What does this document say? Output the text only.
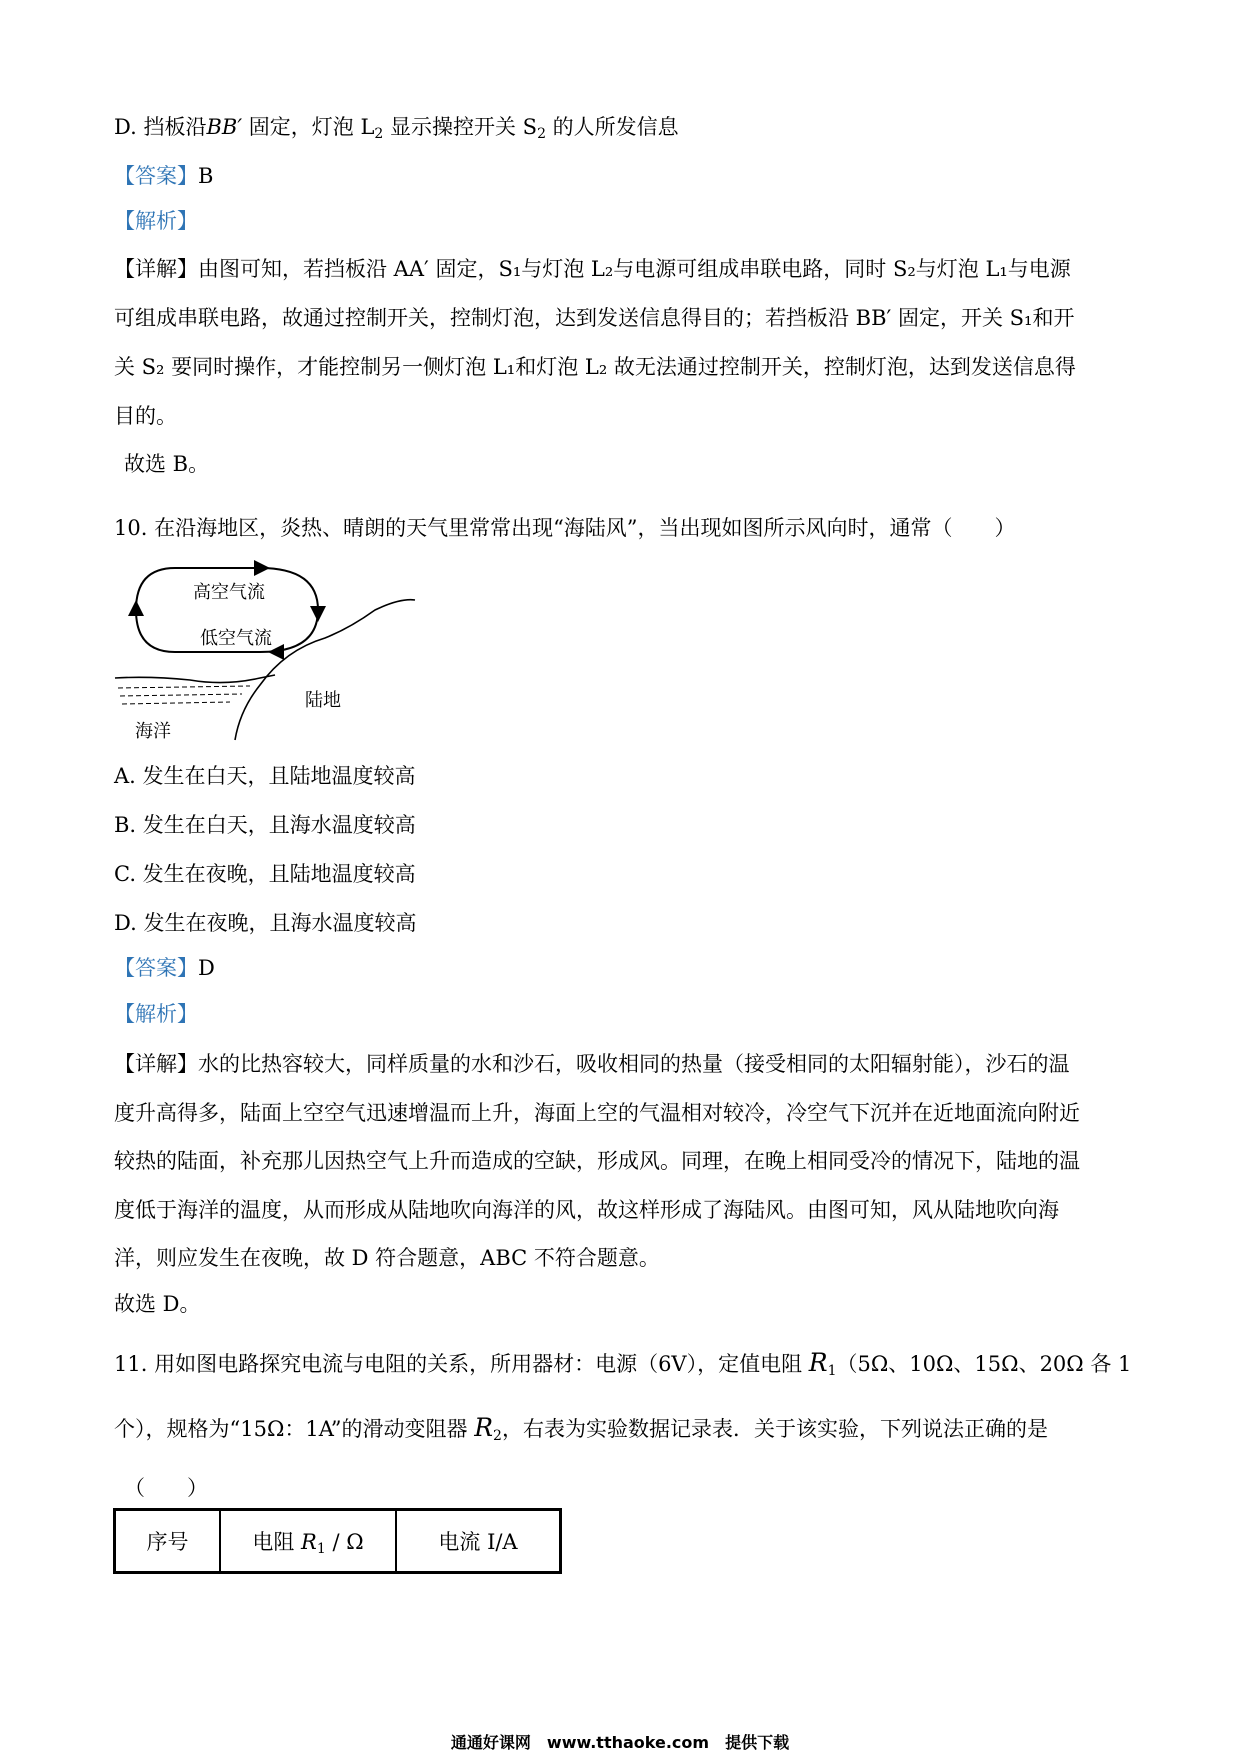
D. 挡板沿BB′ 固定，灯泡 $L_2$ 显示操控开关 $S_2$ 的人所发信息
【答案】B
【解析】
【详解】由图可知，若挡板沿 AA′ 固定，S₁与灯泡 L₂与电源可组成串联电路，同时 S₂与灯泡 L₁与电源
可组成串联电路，故通过控制开关，控制灯泡，达到发送信息得目的；若挡板沿 BB′ 固定，开关 S₁和开
关 S₂ 要同时操作，才能控制另一侧灯泡 L₁和灯泡 L₂ 故无法通过控制开关，控制灯泡，达到发送信息得
目的。
故选 B。
10. 在沿海地区，炎热、晴朗的天气里常常出现“海陆风”，当出现如图所示风向时，通常（　　）
高空气流
低空气流
陆地
海洋
A. 发生在白天，且陆地温度较高
B. 发生在白天，且海水温度较高
C. 发生在夜晚，且陆地温度较高
D. 发生在夜晚，且海水温度较高
【答案】D
【解析】
【详解】水的比热容较大，同样质量的水和沙石，吸收相同的热量（接受相同的太阳辐射能），沙石的温
度升高得多，陆面上空空气迅速增温而上升，海面上空的气温相对较冷，冷空气下沉并在近地面流向附近
较热的陆面，补充那儿因热空气上升而造成的空缺，形成风。同理，在晚上相同受冷的情况下，陆地的温
度低于海洋的温度，从而形成从陆地吹向海洋的风，故这样形成了海陆风。由图可知，风从陆地吹向海
洋，则应发生在夜晚，故 D 符合题意，ABC 不符合题意。
故选 D。
11. 用如图电路探究电流与电阻的关系，所用器材：电源（6V），定值电阻 $R_1(5\Omega$、10Ω、15Ω、20Ω 各 1
个），规格为“15Ω：1A”的滑动变阻器 $R_2$，右表为实验数据记录表．关于该实验，下列说法正确的是
（　　）
序号	电阻 $R_1$ / Ω	电流 I/A
通通好课网　www.tthaoke.com　提供下载
